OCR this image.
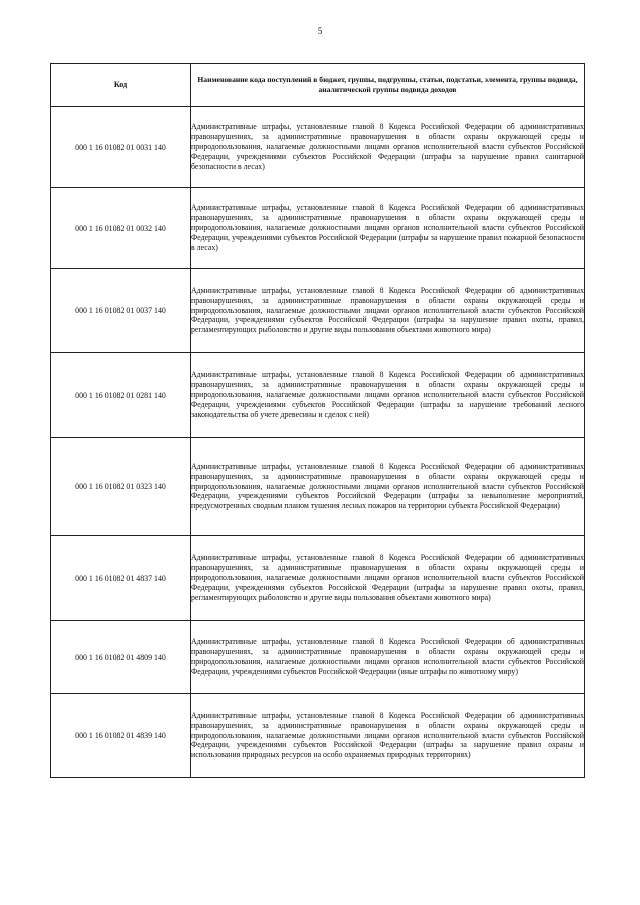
5
Код	Наименование кода поступлений в бюджет, группы, подгруппы, статьи, подстатьи, элемента, группы подвида, аналитической группы подвида доходов
000 1 16 01082 01 0031 140	Административные штрафы, установленные главой 8 Кодекса Российской Федерации об административных правонарушениях, за административные правонарушения в области охраны окружающей среды и природопользования, налагаемые должностными лицами органов исполнительной власти субъектов Российской Федерации, учреждениями субъектов Российской Федерации (штрафы за нарушение правил санитарной безопасности в лесах)
000 1 16 01082 01 0032 140	Административные штрафы, установленные главой 8 Кодекса Российской Федерации об административных правонарушениях, за административные правонарушения в области охраны окружающей среды и природопользования, налагаемые должностными лицами органов исполнительной власти субъектов Российской Федерации, учреждениями субъектов Российской Федерации (штрафы за нарушение правил пожарной безопасности в лесах)
000 1 16 01082 01 0037 140	Административные штрафы, установленные главой 8 Кодекса Российской Федерации об административных правонарушениях, за административные правонарушения в области охраны окружающей среды и природопользования, налагаемые должностными лицами органов исполнительной власти субъектов Российской Федерации, учреждениями субъектов Российской Федерации (штрафы за нарушение правил охоты, правил, регламентирующих рыболовство и другие виды пользования объектами животного мира)
000 1 16 01082 01 0281 140	Административные штрафы, установленные главой 8 Кодекса Российской Федерации об административных правонарушениях, за административные правонарушения в области охраны окружающей среды и природопользования, налагаемые должностными лицами органов исполнительной власти субъектов Российской Федерации, учреждениями субъектов Российской Федерации (штрафы за нарушение требований лесного законодательства об учете древесины и сделок с ней)
000 1 16 01082 01 0323 140	Административные штрафы, установленные главой 8 Кодекса Российской Федерации об административных правонарушениях, за административные правонарушения в области охраны окружающей среды и природопользования, налагаемые должностными лицами органов исполнительной власти субъектов Российской Федерации, учреждениями субъектов Российской Федерации (штрафы за невыполнение мероприятий, предусмотренных сводным планом тушения лесных пожаров на территории субъекта Российской Федерации)
000 1 16 01082 01 4837 140	Административные штрафы, установленные главой 8 Кодекса Российской Федерации об административных правонарушениях, за административные правонарушения в области охраны окружающей среды и природопользования, налагаемые должностными лицами органов исполнительной власти субъектов Российской Федерации, учреждениями субъектов Российской Федерации (штрафы за нарушение правил охоты, правил, регламентирующих рыболовство и другие виды пользования объектами животного мира)
000 1 16 01082 01 4809 140	Административные штрафы, установленные главой 8 Кодекса Российской Федерации об административных правонарушениях, за административные правонарушения в области охраны окружающей среды и природопользования, налагаемые должностными лицами органов исполнительной власти субъектов Российской Федерации, учреждениями субъектов Российской Федерации (иные штрафы по животному миру)
000 1 16 01082 01 4839 140	Административные штрафы, установленные главой 8 Кодекса Российской Федерации об административных правонарушениях, за административные правонарушения в области охраны окружающей среды и природопользования, налагаемые должностными лицами органов исполнительной власти субъектов Российской Федерации, учреждениями субъектов Российской Федерации (штрафы за нарушение правил охраны и использования природных ресурсов на особо охраняемых природных территориях)
